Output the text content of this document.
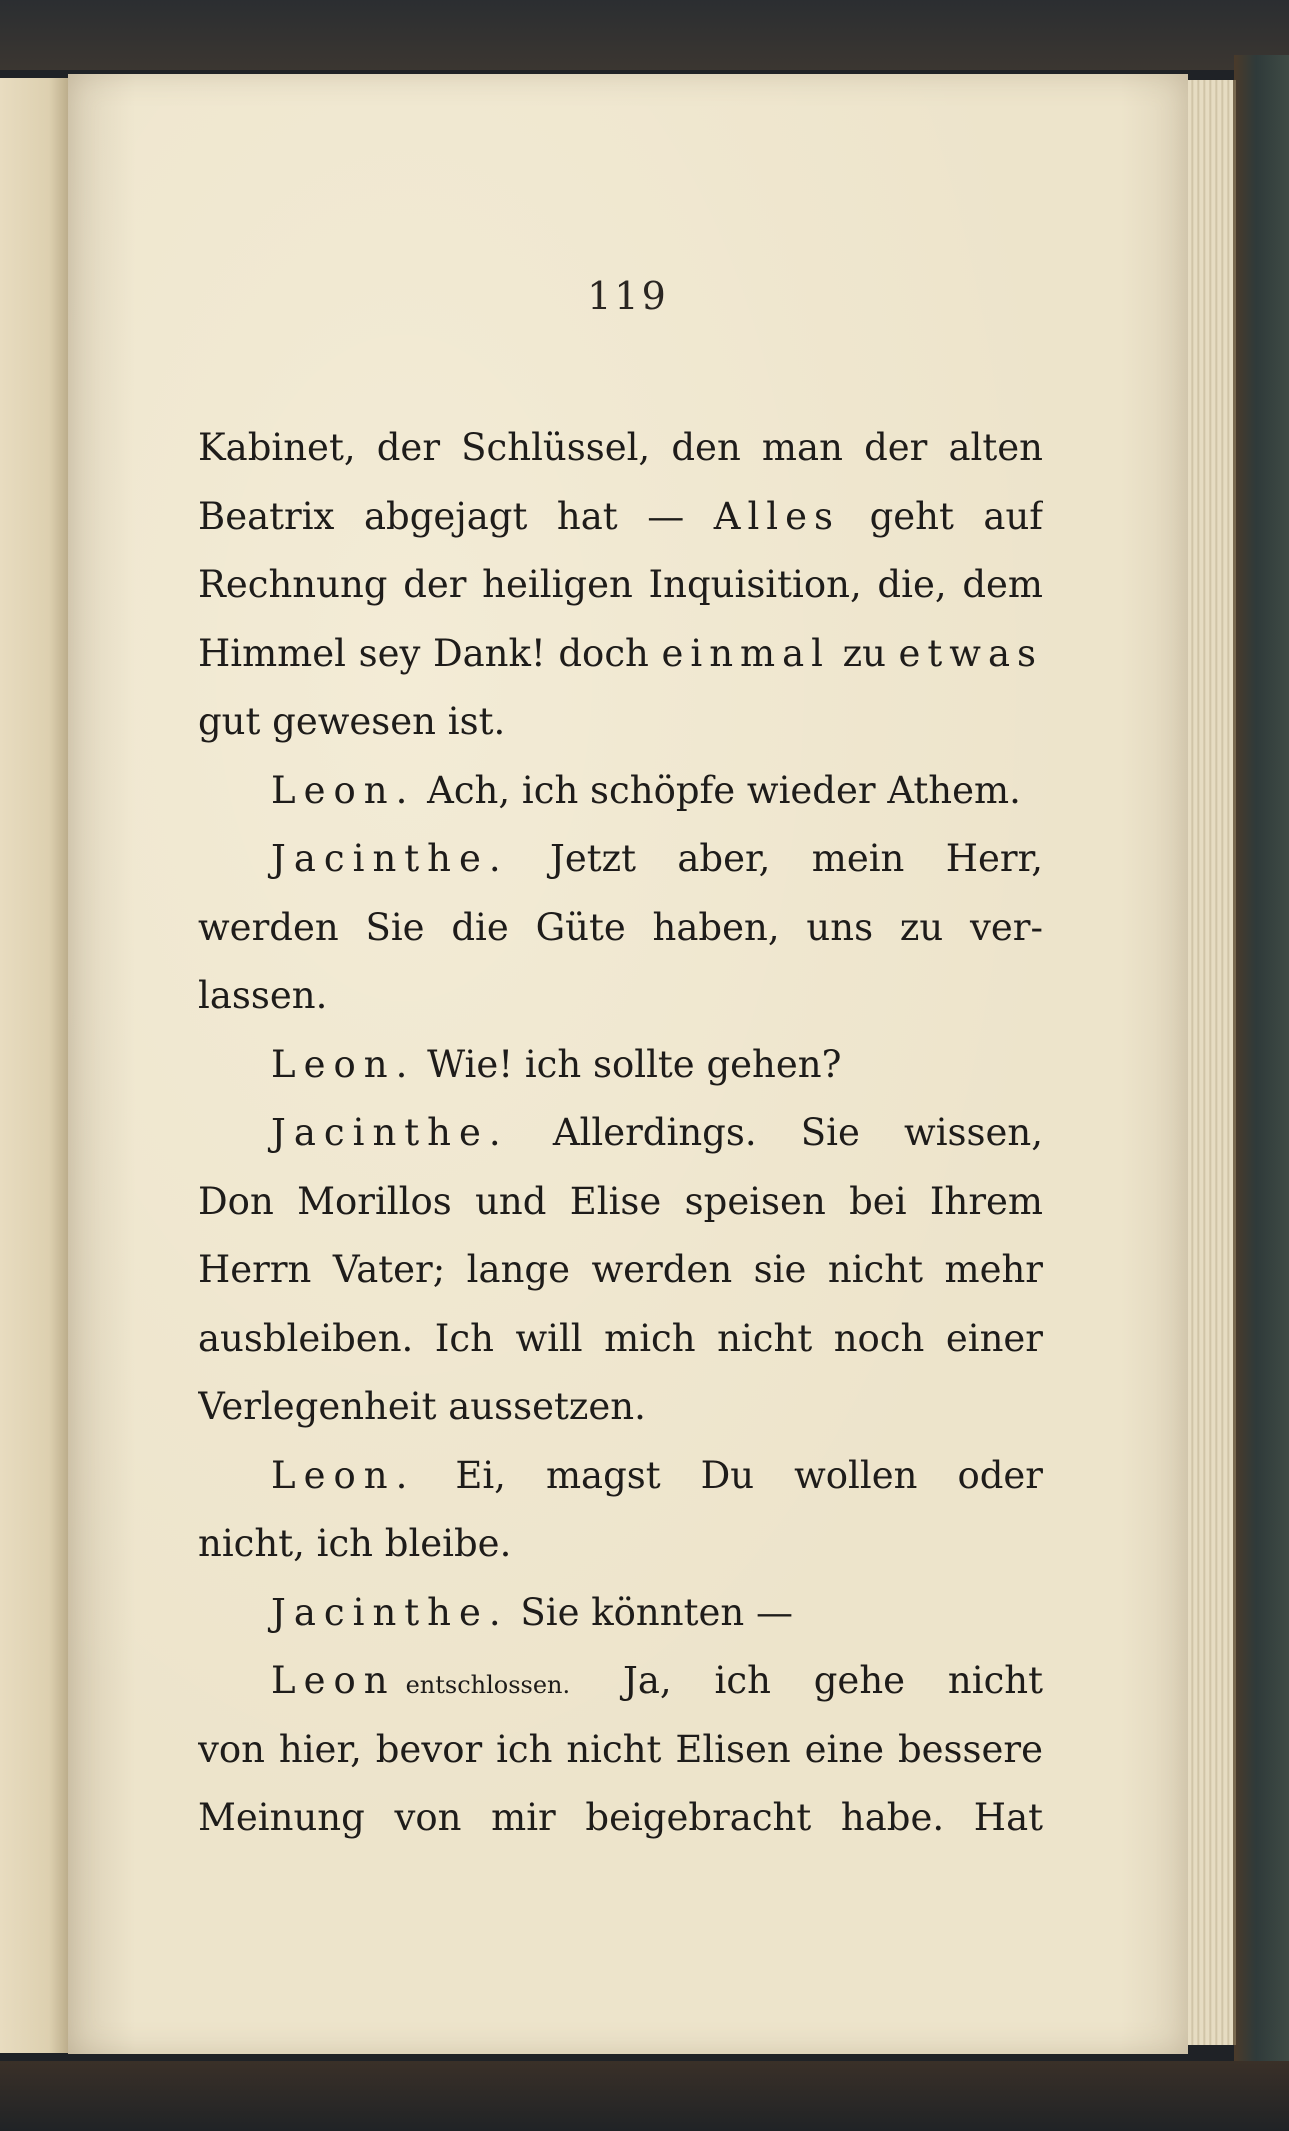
119
Kabinet, der Schlüssel, den man der alten
Beatrix abgejagt hat — Alles geht auf
Rechnung der heiligen Inquisition, die, dem
Himmel sey Dank! doch einmal zu etwas
gut gewesen ist.
Leon. Ach, ich schöpfe wieder Athem.
Jacinthe. Jetzt aber, mein Herr,
werden Sie die Güte haben, uns zu ver-
lassen.
Leon. Wie! ich sollte gehen?
Jacinthe. Allerdings. Sie wissen,
Don Morillos und Elise speisen bei Ihrem
Herrn Vater; lange werden sie nicht mehr
ausbleiben. Ich will mich nicht noch einer
Verlegenheit aussetzen.
Leon. Ei, magst Du wollen oder
nicht, ich bleibe.
Jacinthe. Sie könnten —
Leon entschlossen. Ja, ich gehe nicht
von hier, bevor ich nicht Elisen eine bessere
Meinung von mir beigebracht habe. Hat
